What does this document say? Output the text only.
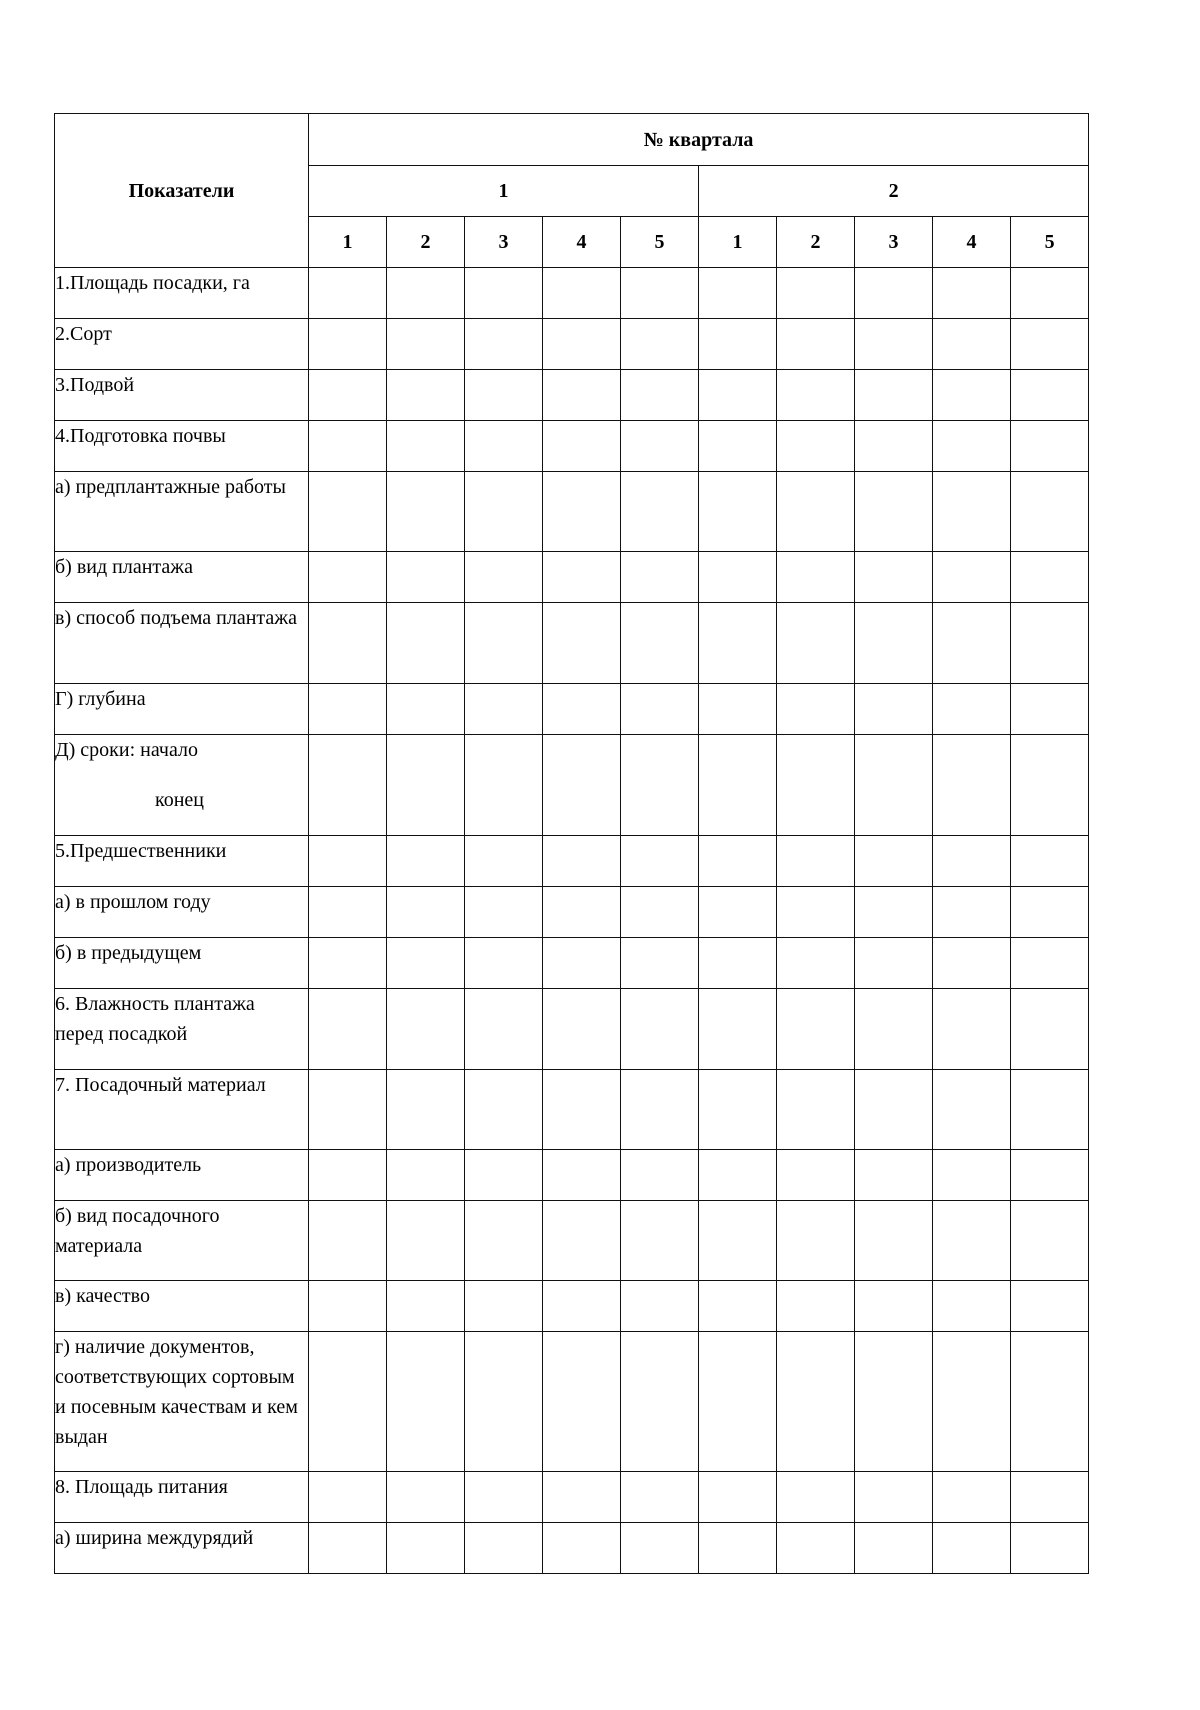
Показатели	№ квартала									
	1					2				
	1	2	3	4	5	1	2	3	4	5
1.Площадь посадки, га										
2.Сорт										
3.Подвой										
4.Подготовка почвы										
а) предплантажные работы										
б) вид плантажа										
в) способ подъема плантажа										
Г) глубина										
Д) сроки: начало
конец										

5.Предшественники										
а) в прошлом году										
б) в предыдущем										
6. Влажность плантажа перед посадкой										
7. Посадочный материал										
а) производитель										
б) вид посадочного материала										
в) качество										
г) наличие документов, соответствующих сортовым и посевным качествам и кем выдан										
8. Площадь питания										
а) ширина междурядий										
